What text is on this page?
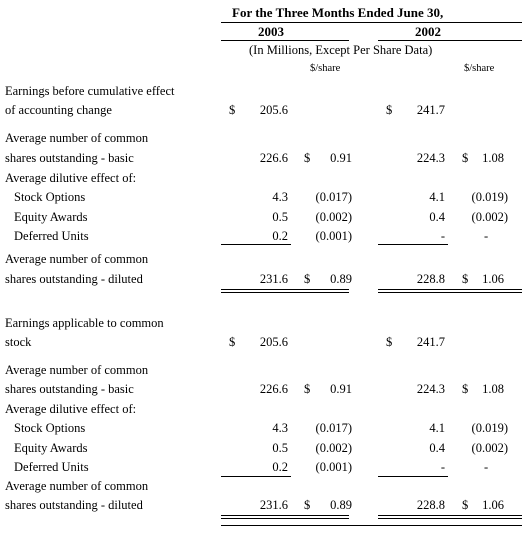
For the Three Months Ended June 30,
2003	2002
(In Millions, Except Per Share Data)
$/share	$/share
Earnings before cumulative effect
of accounting change	$	205.6	$	241.7
Average number of common
shares outstanding - basic	226.6 $	0.91	224.3 $	1.08
Average dilutive effect of:
Stock Options	4.3	(0.017)	4.1	(0.019)
Equity Awards	0.5	(0.002)	0.4	(0.002)
Deferred Units	0.2	(0.001)	-	-
Average number of common
shares outstanding - diluted	231.6 $	0.89	228.8 $	1.06
Earnings applicable to common
stock	$	205.6	$	241.7
Average number of common
shares outstanding - basic	226.6 $	0.91	224.3 $	1.08
Average dilutive effect of:
Stock Options	4.3	(0.017)	4.1	(0.019)
Equity Awards	0.5	(0.002)	0.4	(0.002)
Deferred Units	0.2	(0.001)	-	-
Average number of common
shares outstanding - diluted	231.6 $	0.89	228.8 $	1.06
